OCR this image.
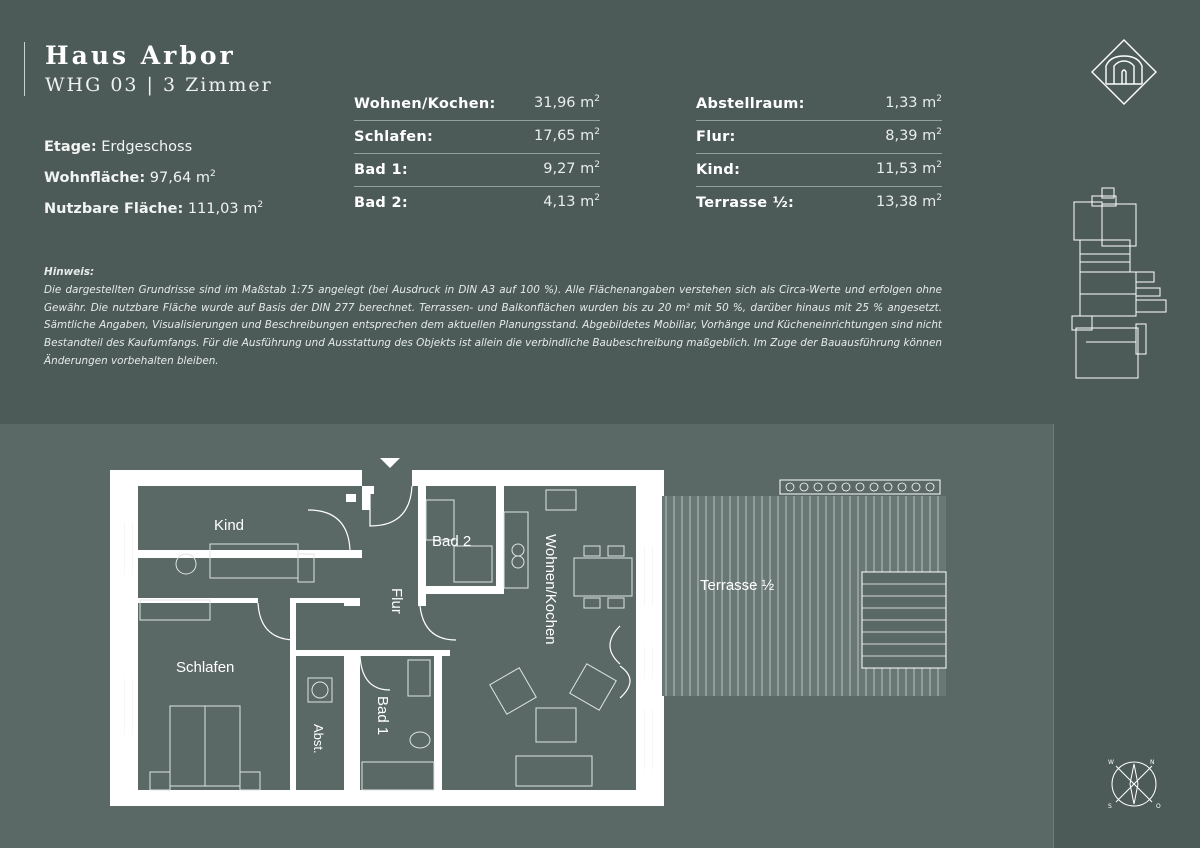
Haus Arbor
WHG 03 | 3 Zimmer
Etage: Erdgeschoss
Wohnfläche: 97,64 $m^2$
Nutzbare Fläche: 111,03 $m^2$
Wohnen/Kochen:	31,96 $m^2$
Schlafen:	17,65 $m^2$
Bad 1:	9,27 $m^2$
Bad 2:	4,13 $m^2$
Abstellraum:	1,33 $m^2$
Flur:	8,39 $m^2$
Kind:	11,53 $m^2$
Terrasse ½:	13,38 $m^2$
Hinweis:
Die dargestellten Grundrisse sind im Maßstab 1:75 angelegt (bei Ausdruck in DIN A3 auf 100 %). Alle Flächenangaben verstehen sich als Circa-Werte und erfolgen ohne Gewähr. Die nutzbare Fläche wurde auf Basis der DIN 277 berechnet. Terrassen- und Balkonflächen wurden bis zu 20 m² mit 50 %, darüber hinaus mit 25 % angesetzt. Sämtliche Angaben, Visualisierungen und Beschreibungen entsprechen dem aktuellen Planungsstand. Abgebildetes Mobiliar, Vorhänge und Kücheneinrichtungen sind nicht Bestandteil des Kaufumfangs. Für die Ausführung und Ausstattung des Objekts ist allein die verbindliche Baubeschreibung maßgeblich. Im Zuge der Bauausführung können Änderungen vorbehalten bleiben.
Kind
Schlafen
Flur
Bad 2
Bad 1
Abst.
Wohnen/Kochen	Terrasse ½
N
O
S
W
